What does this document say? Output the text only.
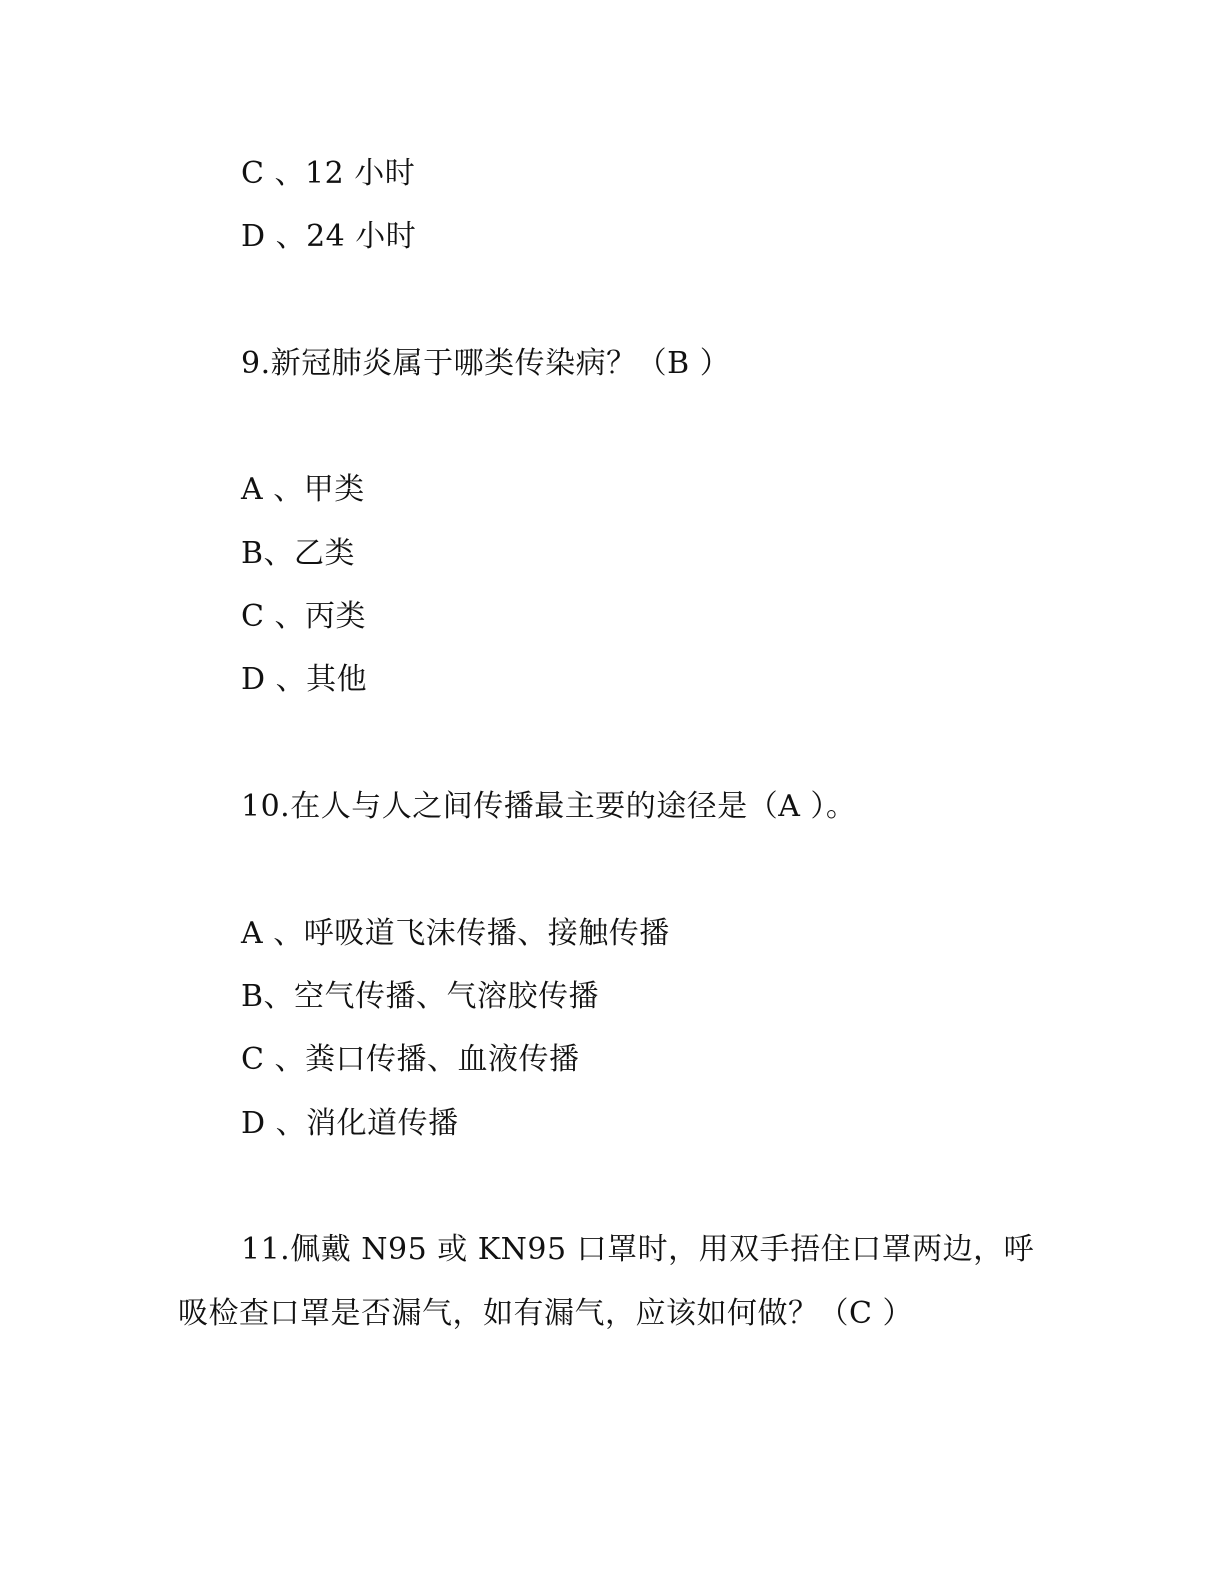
C 、12 小时
D 、24 小时
9.新冠肺炎属于哪类传染病？（B ）
A 、甲类
B、乙类
C 、丙类
D 、其他
10.在人与人之间传播最主要的途径是（A ）。
A 、呼吸道飞沫传播、接触传播
B、空气传播、气溶胶传播
C 、粪口传播、血液传播
D 、消化道传播
11.佩戴 N95 或 KN95 口罩时，用双手捂住口罩两边，呼
吸检查口罩是否漏气，如有漏气，应该如何做？（C ）
